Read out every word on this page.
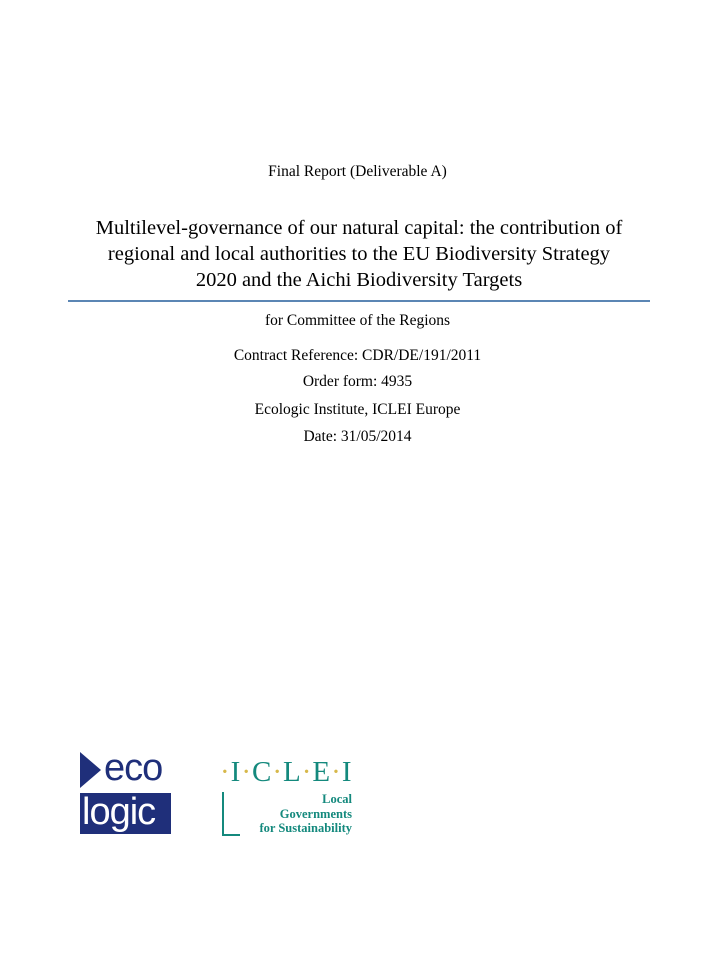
Final Report (Deliverable A)
Multilevel-governance of our natural capital: the contribution of
regional and local authorities to the EU Biodiversity Strategy
2020 and the Aichi Biodiversity Targets
for Committee of the Regions
Contract Reference: CDR/DE/191/2011
Order form: 4935
Ecologic Institute, ICLEI Europe
Date: 31/05/2014
eco
logic
·I·C·L·E·I
Local
Governments
for Sustainability
